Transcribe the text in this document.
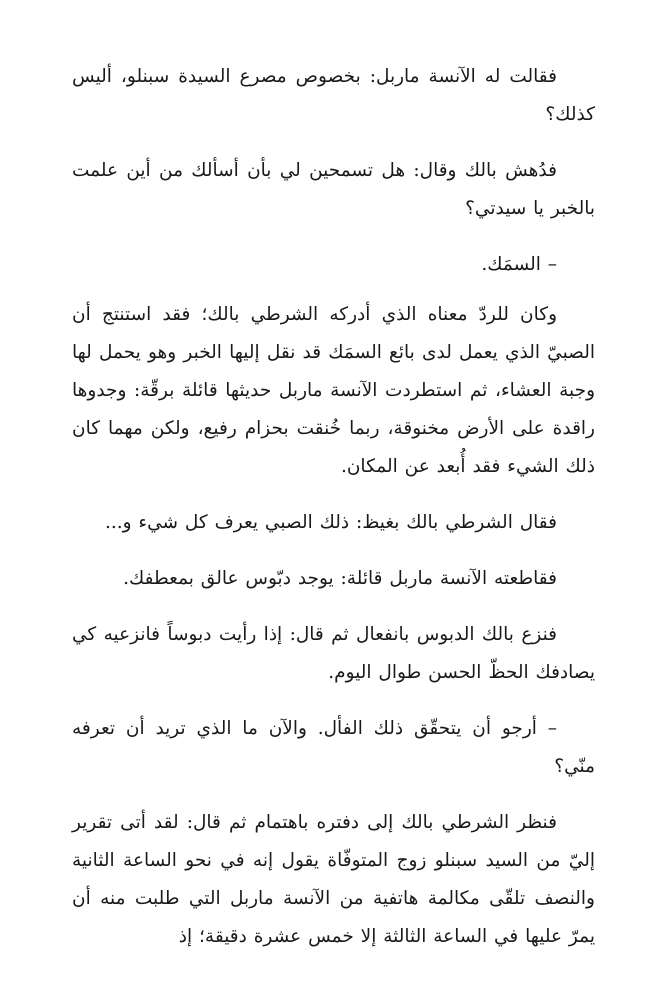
فقالت له الآنسة ماربل: بخصوص مصرع السيدة سبنلو، أليس كذلك؟

فدُهش بالك وقال: هل تسمحين لي بأن أسألك من أين علمت بالخبر يا سيدتي؟

– السمَك.

وكان للردّ معناه الذي أدركه الشرطي بالك؛ فقد استنتج أن الصبيّ الذي يعمل لدى بائع السمَك قد نقل إليها الخبر وهو يحمل لها وجبة العشاء، ثم استطردت الآنسة ماربل حديثها قائلة برقّة: وجدوها راقدة على الأرض مخنوقة، ربما خُنقت بحزام رفيع، ولكن مهما كان ذلك الشيء فقد أُبعد عن المكان.

فقال الشرطي بالك بغيظ: ذلك الصبي يعرف كل شيء و...

فقاطعته الآنسة ماربل قائلة: يوجد دبّوس عالق بمعطفك.

فنزع بالك الدبوس بانفعال ثم قال: إذا رأيت دبوساً فانزعيه كي يصادفك الحظّ الحسن طوال اليوم.

– أرجو أن يتحقّق ذلك الفأل. والآن ما الذي تريد أن تعرفه منّي؟

فنظر الشرطي بالك إلى دفتره باهتمام ثم قال: لقد أتى تقرير إليّ من السيد سبنلو زوج المتوفّاة يقول إنه في نحو الساعة الثانية والنصف تلقّى مكالمة هاتفية من الآنسة ماربل التي طلبت منه أن يمرّ عليها في الساعة الثالثة إلا خمس عشرة دقيقة؛ إذ
